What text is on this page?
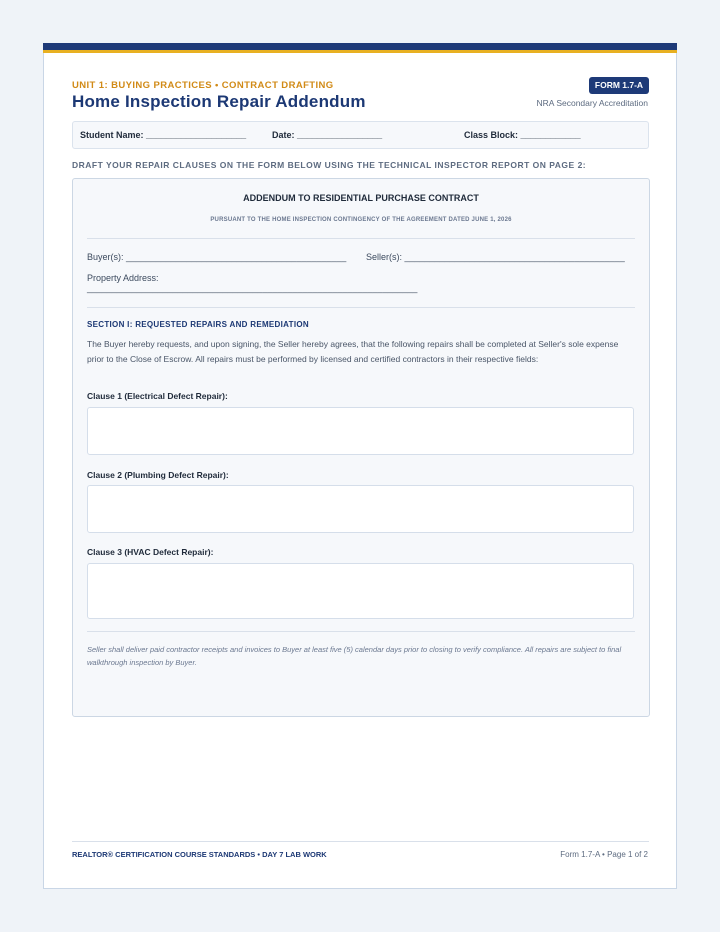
UNIT 1: BUYING PRACTICES • CONTRACT DRAFTING
Home Inspection Repair Addendum
FORM 1.7-A
NRA Secondary Accreditation
Student Name: ____________________	Date: _________________	Class Block: ____________
DRAFT YOUR REPAIR CLAUSES ON THE FORM BELOW USING THE TECHNICAL INSPECTOR REPORT ON PAGE 2:
ADDENDUM TO RESIDENTIAL PURCHASE CONTRACT
PURSUANT TO THE HOME INSPECTION CONTINGENCY OF THE AGREEMENT DATED JUNE 1, 2026
Buyer(s): ____________________________________________ Seller(s): ____________________________________________
Property Address:
__________________________________________________________________
SECTION I: REQUESTED REPAIRS AND REMEDIATION
The Buyer hereby requests, and upon signing, the Seller hereby agrees, that the following repairs shall be completed at Seller's sole expense prior to the Close of Escrow. All repairs must be performed by licensed and certified contractors in their respective fields:
Clause 1 (Electrical Defect Repair):
Clause 2 (Plumbing Defect Repair):
Clause 3 (HVAC Defect Repair):
Seller shall deliver paid contractor receipts and invoices to Buyer at least five (5) calendar days prior to closing to verify compliance. All repairs are subject to final walkthrough inspection by Buyer.
REALTOR® CERTIFICATION COURSE STANDARDS • DAY 7 LAB WORK	Form 1.7-A • Page 1 of 2
